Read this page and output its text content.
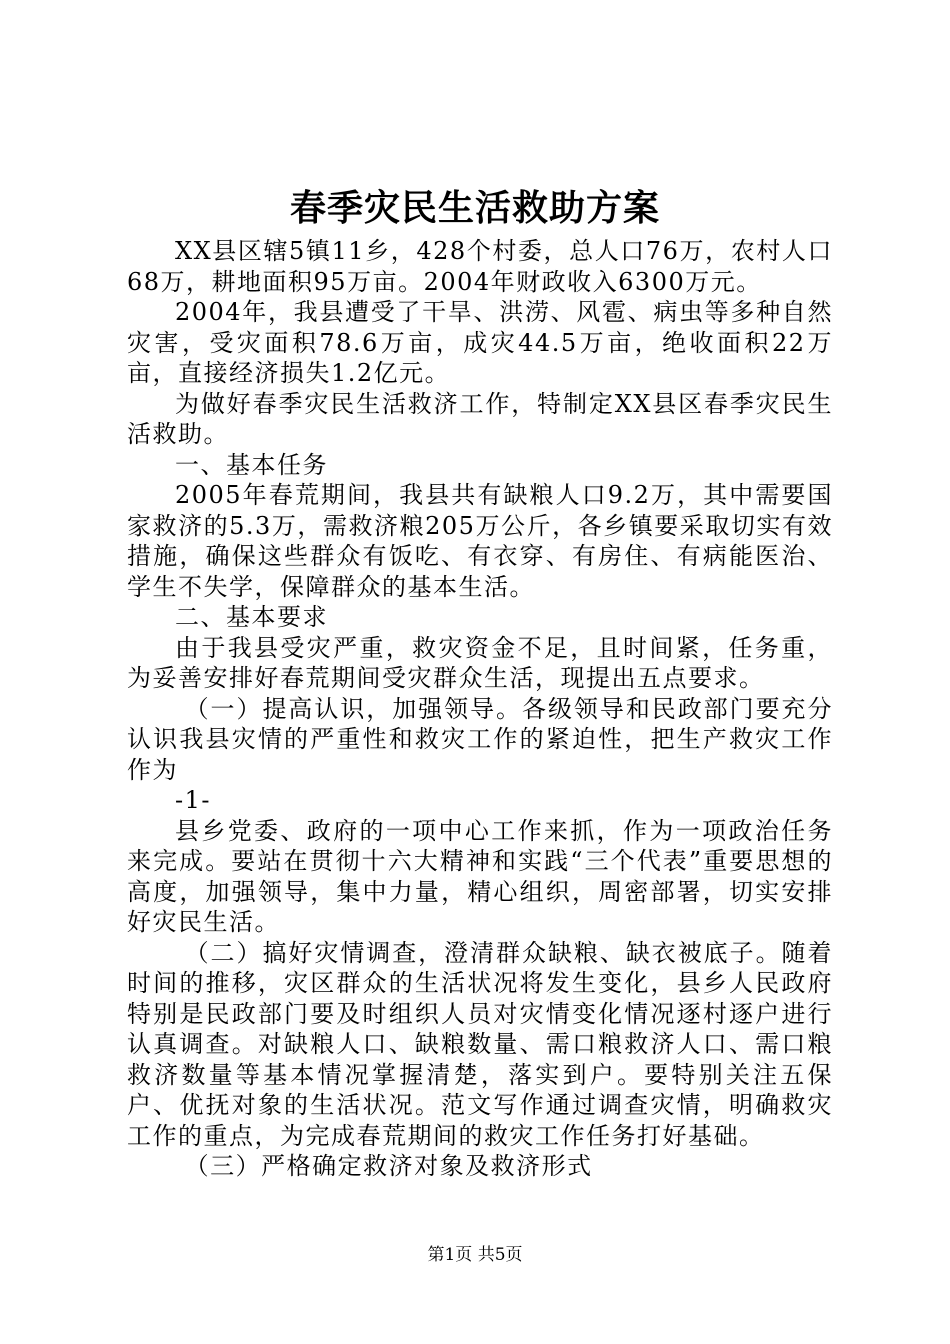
春季灾民生活救助方案

XX县区辖5镇11乡，428个村委，总人口76万，农村人口68万，耕地面积95万亩。2004年财政收入6300万元。

2004年，我县遭受了干旱、洪涝、风雹、病虫等多种自然灾害，受灾面积78.6万亩，成灾44.5万亩，绝收面积22万亩，直接经济损失1.2亿元。

为做好春季灾民生活救济工作，特制定XX县区春季灾民生活救助。

一、基本任务

2005年春荒期间，我县共有缺粮人口9.2万，其中需要国家救济的5.3万，需救济粮205万公斤，各乡镇要采取切实有效措施，确保这些群众有饭吃、有衣穿、有房住、有病能医治、学生不失学，保障群众的基本生活。

二、基本要求

由于我县受灾严重，救灾资金不足，且时间紧，任务重，为妥善安排好春荒期间受灾群众生活，现提出五点要求。

（一）提高认识，加强领导。各级领导和民政部门要充分认识我县灾情的严重性和救灾工作的紧迫性，把生产救灾工作作为

-1-

县乡党委、政府的一项中心工作来抓，作为一项政治任务来完成。要站在贯彻十六大精神和实践“三个代表”重要思想的高度，加强领导，集中力量，精心组织，周密部署，切实安排好灾民生活。

（二）搞好灾情调查，澄清群众缺粮、缺衣被底子。随着时间的推移，灾区群众的生活状况将发生变化，县乡人民政府特别是民政部门要及时组织人员对灾情变化情况逐村逐户进行认真调查。对缺粮人口、缺粮数量、需口粮救济人口、需口粮救济数量等基本情况掌握清楚，落实到户。要特别关注五保户、优抚对象的生活状况。范文写作通过调查灾情，明确救灾工作的重点，为完成春荒期间的救灾工作任务打好基础。

（三）严格确定救济对象及救济形式

第1页 共5页
